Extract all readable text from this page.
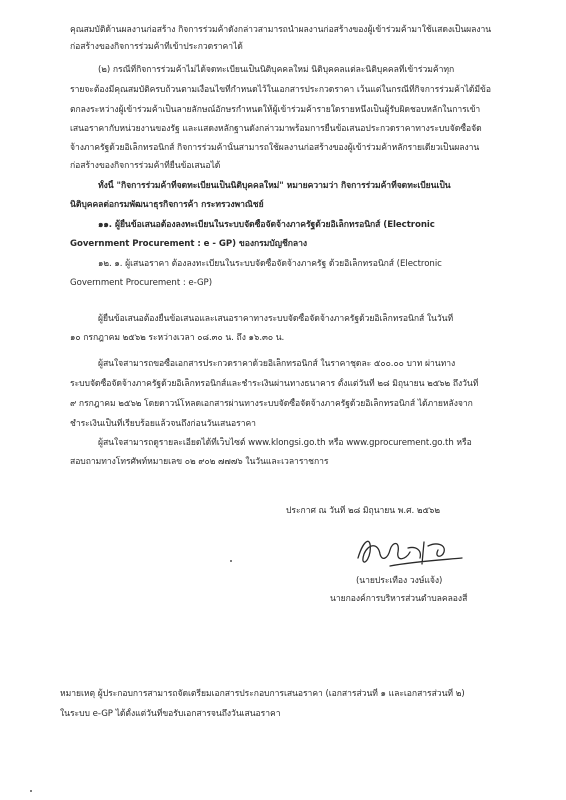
คุณสมบัติด้านผลงานก่อสร้าง กิจการร่วมค้าดังกล่าวสามารถนำผลงานก่อสร้างของผู้เข้าร่วมค้ามาใช้แสดงเป็นผลงาน
ก่อสร้างของกิจการร่วมค้าที่เข้าประกวดราคาได้
(๒) กรณีที่กิจการร่วมค้าไม่ได้จดทะเบียนเป็นนิติบุคคลใหม่ นิติบุคคลแต่ละนิติบุคคลที่เข้าร่วมค้าทุก
รายจะต้องมีคุณสมบัติครบถ้วนตามเงื่อนไขที่กำหนดไว้ในเอกสารประกวดราคา เว้นแต่ในกรณีที่กิจการร่วมค้าได้มีข้อ
ตกลงระหว่างผู้เข้าร่วมค้าเป็นลายลักษณ์อักษรกำหนดให้ผู้เข้าร่วมค้ารายใดรายหนึ่งเป็นผู้รับผิดชอบหลักในการเข้า
เสนอราคากับหน่วยงานของรัฐ และแสดงหลักฐานดังกล่าวมาพร้อมการยื่นข้อเสนอประกวดราคาทางระบบจัดซื้อจัด
จ้างภาครัฐด้วยอิเล็กทรอนิกส์ กิจการร่วมค้านั้นสามารถใช้ผลงานก่อสร้างของผู้เข้าร่วมค้าหลักรายเดียวเป็นผลงาน
ก่อสร้างของกิจการร่วมค้าที่ยื่นข้อเสนอได้
ทั้งนี้ "กิจการร่วมค้าที่จดทะเบียนเป็นนิติบุคคลใหม่" หมายความว่า กิจการร่วมค้าที่จดทะเบียนเป็น
นิติบุคคลต่อกรมพัฒนาธุรกิจการค้า กระทรวงพาณิชย์
๑๑. ผู้ยื่นข้อเสนอต้องลงทะเบียนในระบบจัดซื้อจัดจ้างภาครัฐด้วยอิเล็กทรอนิกส์ (Electronic
Government Procurement : e - GP) ของกรมบัญชีกลาง
๑๒. ๑. ผู้เสนอราคา ต้องลงทะเบียนในระบบจัดซื้อจัดจ้างภาครัฐ ด้วยอิเล็กทรอนิกส์ (Electronic
Government Procurement : e-GP)
ผู้ยื่นข้อเสนอต้องยื่นข้อเสนอและเสนอราคาทางระบบจัดซื้อจัดจ้างภาครัฐด้วยอิเล็กทรอนิกส์ ในวันที่
๑๐ กรกฎาคม ๒๕๖๒ ระหว่างเวลา ๐๘.๓๐ น. ถึง ๑๖.๓๐ น.
ผู้สนใจสามารถขอซื้อเอกสารประกวดราคาด้วยอิเล็กทรอนิกส์ ในราคาชุดละ ๕๐๐.๐๐ บาท ผ่านทาง
ระบบจัดซื้อจัดจ้างภาครัฐด้วยอิเล็กทรอนิกส์และชำระเงินผ่านทางธนาคาร ตั้งแต่วันที่ ๒๘ มิถุนายน ๒๕๖๒ ถึงวันที่
๙ กรกฎาคม ๒๕๖๒ โดยดาวน์โหลดเอกสารผ่านทางระบบจัดซื้อจัดจ้างภาครัฐด้วยอิเล็กทรอนิกส์ ได้ภายหลังจาก
ชำระเงินเป็นที่เรียบร้อยแล้วจนถึงก่อนวันเสนอราคา
ผู้สนใจสามารถดูรายละเอียดได้ที่เว็บไซต์ www.klongsi.go.th หรือ www.gprocurement.go.th หรือ
สอบถามทางโทรศัพท์หมายเลข ๐๒ ๙๐๒ ๗๗๗๖ ในวันและเวลาราชการ
ประกาศ ณ วันที่ ๒๘ มิถุนายน พ.ศ. ๒๕๖๒
(นายประเทือง วงษ์แจ้ง)
นายกองค์การบริหารส่วนตำบลคลองสี่
หมายเหตุ ผู้ประกอบการสามารถจัดเตรียมเอกสารประกอบการเสนอราคา (เอกสารส่วนที่ ๑ และเอกสารส่วนที่ ๒)
ในระบบ e-GP ได้ตั้งแต่วันที่ขอรับเอกสารจนถึงวันเสนอราคา
